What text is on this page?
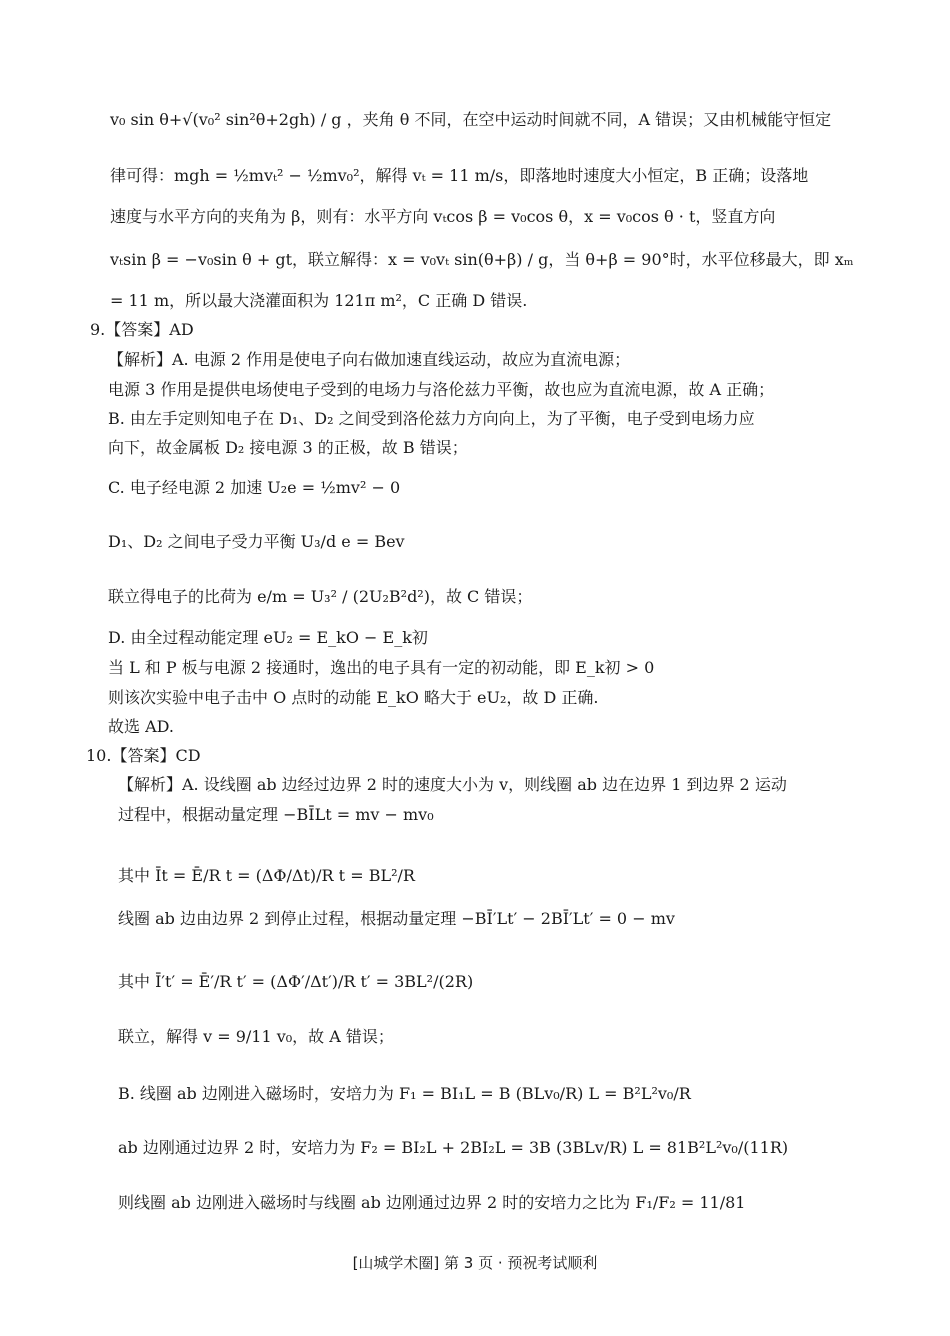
v₀ sin θ+√(v₀² sin²θ+2gh) / g ，夹角 θ 不同，在空中运动时间就不同，A 错误；又由机械能守恒定
律可得：mgh = ½mvₜ² − ½mv₀²，解得 vₜ = 11 m/s，即落地时速度大小恒定，B 正确；设落地
速度与水平方向的夹角为 β，则有：水平方向 vₜcos β = v₀cos θ，x = v₀cos θ · t，竖直方向
vₜsin β = −v₀sin θ + gt，联立解得：x = v₀vₜ sin(θ+β) / g，当 θ+β = 90°时，水平位移最大，即 xₘ
= 11 m，所以最大浇灌面积为 121π m²，C 正确 D 错误.
9.【答案】AD
【解析】A. 电源 2 作用是使电子向右做加速直线运动，故应为直流电源；
电源 3 作用是提供电场使电子受到的电场力与洛伦兹力平衡，故也应为直流电源，故 A 正确；
B. 由左手定则知电子在 D₁、D₂ 之间受到洛伦兹力方向向上，为了平衡，电子受到电场力应
向下，故金属板 D₂ 接电源 3 的正极，故 B 错误；
C. 电子经电源 2 加速 U₂e = ½mv² − 0
D₁、D₂ 之间电子受力平衡 U₃/d e = Bev
联立得电子的比荷为 e/m = U₃² / (2U₂B²d²)，故 C 错误；
D. 由全过程动能定理 eU₂ = E_kO − E_k初
当 L 和 P 板与电源 2 接通时，逸出的电子具有一定的初动能，即 E_k初 > 0
则该次实验中电子击中 O 点时的动能 E_kO 略大于 eU₂，故 D 正确.
故选 AD.
10.【答案】CD
【解析】A. 设线圈 ab 边经过边界 2 时的速度大小为 v，则线圈 ab 边在边界 1 到边界 2 运动
过程中，根据动量定理 −BĪLt = mv − mv₀
其中 Īt = Ē/R t = (ΔΦ/Δt)/R t = BL²/R
线圈 ab 边由边界 2 到停止过程，根据动量定理 −BĪ′Lt′ − 2BĪ′Lt′ = 0 − mv
其中 Ī′t′ = Ē′/R t′ = (ΔΦ′/Δt′)/R t′ = 3BL²/(2R)
联立，解得 v = 9/11 v₀，故 A 错误；
B. 线圈 ab 边刚进入磁场时，安培力为 F₁ = BI₁L = B (BLv₀/R) L = B²L²v₀/R
ab 边刚通过边界 2 时，安培力为 F₂ = BI₂L + 2BI₂L = 3B (3BLv/R) L = 81B²L²v₀/(11R)
则线圈 ab 边刚进入磁场时与线圈 ab 边刚通过边界 2 时的安培力之比为 F₁/F₂ = 11/81
[山城学术圈] 第 3 页 · 预祝考试顺利
